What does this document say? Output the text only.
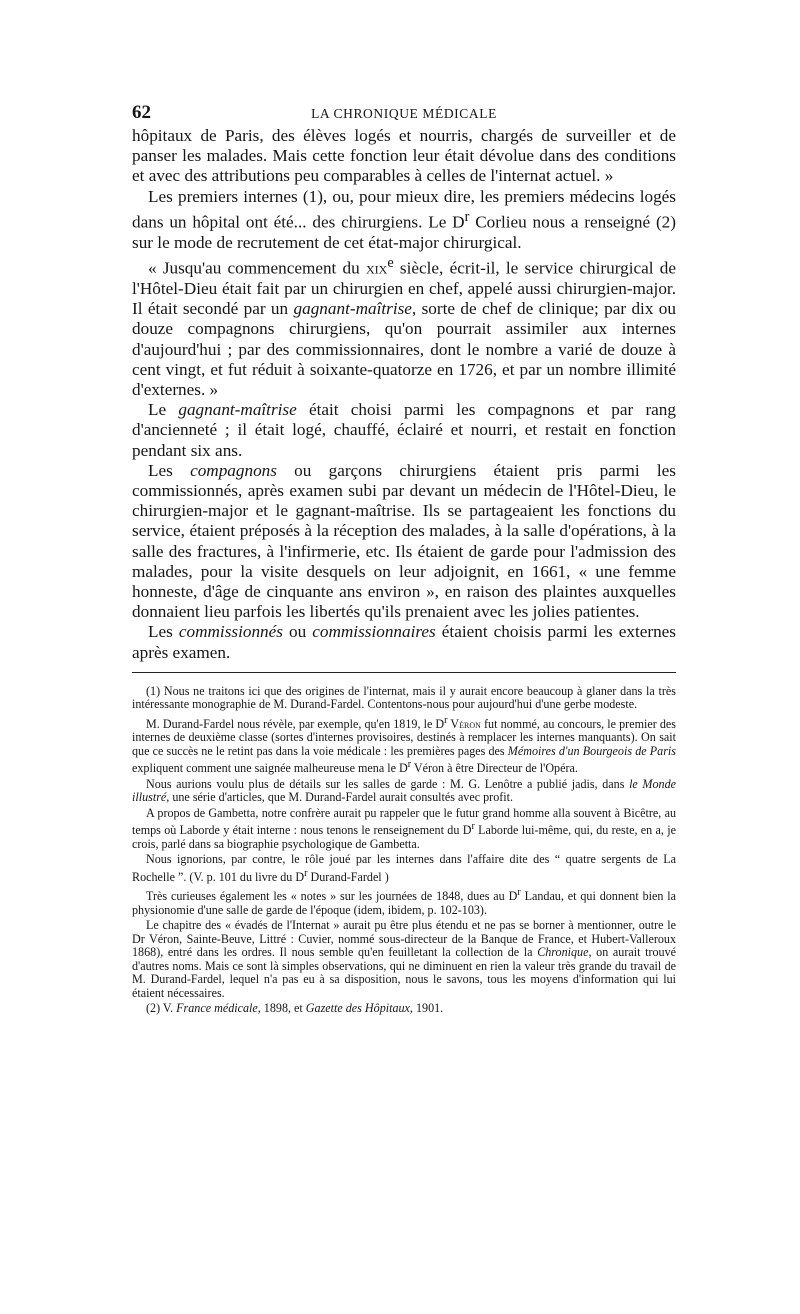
62	LA CHRONIQUE MÉDICALE

hôpitaux de Paris, des élèves logés et nourris, chargés de surveiller et de panser les malades. Mais cette fonction leur était dévolue dans des conditions et avec des attributions peu comparables à celles de l'internat actuel. »

Les premiers internes (1), ou, pour mieux dire, les premiers médecins logés dans un hôpital ont été... des chirurgiens. Le $D^r$ Corlieu nous a renseigné (2) sur le mode de recrutement de cet état-major chirurgical.

« Jusqu'au commencement du xix$^e$ siècle, écrit-il, le service chirurgical de l'Hôtel-Dieu était fait par un chirurgien en chef, appelé aussi chirurgien-major. Il était secondé par un gagnant-maîtrise, sorte de chef de clinique; par dix ou douze compagnons chirurgiens, qu'on pourrait assimiler aux internes d'aujourd'hui ; par des commissionnaires, dont le nombre a varié de douze à cent vingt, et fut réduit à soixante-quatorze en 1726, et par un nombre illimité d'externes. »

Le gagnant-maîtrise était choisi parmi les compagnons et par rang d'ancienneté ; il était logé, chauffé, éclairé et nourri, et restait en fonction pendant six ans.

Les compagnons ou garçons chirurgiens étaient pris parmi les commissionnés, après examen subi par devant un médecin de l'Hôtel-Dieu, le chirurgien-major et le gagnant-maîtrise. Ils se partageaient les fonctions du service, étaient préposés à la réception des malades, à la salle d'opérations, à la salle des fractures, à l'infirmerie, etc. Ils étaient de garde pour l'admission des malades, pour la visite desquels on leur adjoignit, en 1661, « une femme honneste, d'âge de cinquante ans environ », en raison des plaintes auxquelles donnaient lieu parfois les libertés qu'ils prenaient avec les jolies patientes.

Les commissionnés ou commissionnaires étaient choisis parmi les externes après examen.

(1) Nous ne traitons ici que des origines de l'internat, mais il y aurait encore beaucoup à glaner dans la très intéressante monographie de M. Durand-Fardel. Contentons-nous pour aujourd'hui d'une gerbe modeste.

M. Durand-Fardel nous révèle, par exemple, qu'en 1819, le $D^r$ Véron fut nommé, au concours, le premier des internes de deuxième classe (sortes d'internes provisoires, destinés à remplacer les internes manquants). On sait que ce succès ne le retint pas dans la voie médicale : les premières pages des Mémoires d'un Bourgeois de Paris expliquent comment une saignée malheureuse mena le $D^r$ Véron à être Directeur de l'Opéra.

Nous aurions voulu plus de détails sur les salles de garde : M. G. Lenôtre a publié jadis, dans le Monde illustré, une série d'articles, que M. Durand-Fardel aurait consultés avec profit.

A propos de Gambetta, notre confrère aurait pu rappeler que le futur grand homme alla souvent à Bicêtre, au temps où Laborde y était interne : nous tenons le renseignement du $D^r$ Laborde lui-même, qui, du reste, en a, je crois, parlé dans sa biographie psychologique de Gambetta.

Nous ignorions, par contre, le rôle joué par les internes dans l'affaire dite des “ quatre sergents de La Rochelle ”. (V. p. 101 du livre du $D^r$ Durand-Fardel )

Très curieuses également les « notes » sur les journées de 1848, dues au $D^r$ Landau, et qui donnent bien la physionomie d'une salle de garde de l'époque (idem, ibidem, p. 102-103).

Le chapitre des « évadés de l'Internat » aurait pu être plus étendu et ne pas se borner à mentionner, outre le Dr Véron, Sainte-Beuve, Littré : Cuvier, nommé sous-directeur de la Banque de France, et Hubert-Valleroux 1868), entré dans les ordres. Il nous semble qu'en feuilletant la collection de la Chronique, on aurait trouvé d'autres noms. Mais ce sont là simples observations, qui ne diminuent en rien la valeur très grande du travail de M. Durand-Fardel, lequel n'a pas eu à sa disposition, nous le savons, tous les moyens d'information qui lui étaient nécessaires.

(2) V. France médicale, 1898, et Gazette des Hôpitaux, 1901.
